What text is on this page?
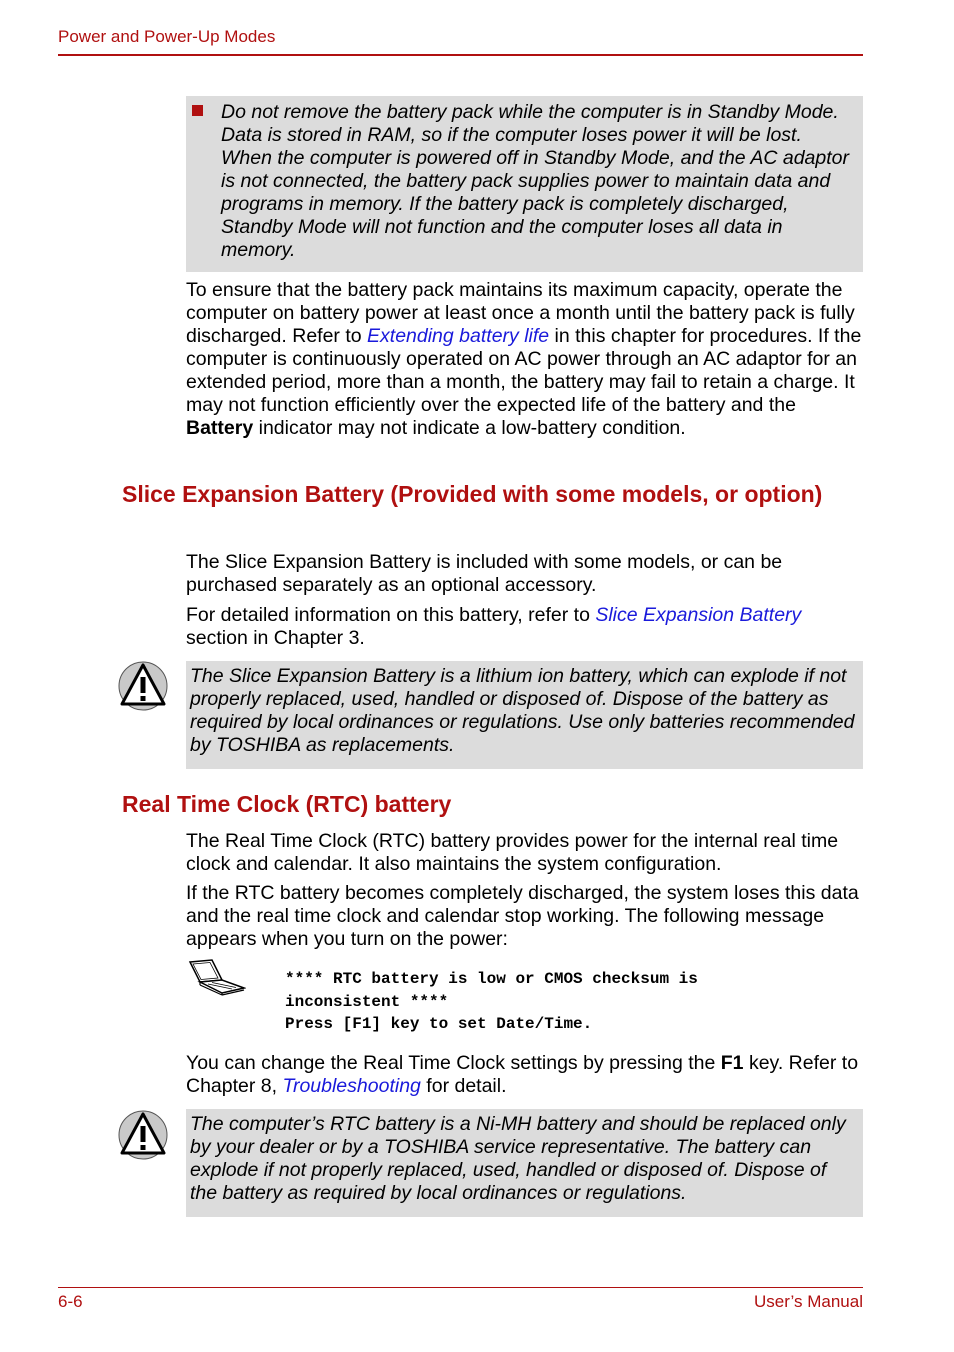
Power and Power-Up Modes
Do not remove the battery pack while the computer is in Standby Mode. Data is stored in RAM, so if the computer loses power it will be lost. When the computer is powered off in Standby Mode, and the AC adaptor is not connected, the battery pack supplies power to maintain data and programs in memory. If the battery pack is completely discharged, Standby Mode will not function and the computer loses all data in memory.
To ensure that the battery pack maintains its maximum capacity, operate the computer on battery power at least once a month until the battery pack is fully discharged. Refer to Extending battery life in this chapter for procedures. If the computer is continuously operated on AC power through an AC adaptor for an extended period, more than a month, the battery may fail to retain a charge. It may not function efficiently over the expected life of the battery and the Battery indicator may not indicate a low-battery condition.
Slice Expansion Battery (Provided with some models, or option)
The Slice Expansion Battery is included with some models, or can be purchased separately as an optional accessory.
For detailed information on this battery, refer to Slice Expansion Battery section in Chapter 3.
The Slice Expansion Battery is a lithium ion battery, which can explode if not properly replaced, used, handled or disposed of. Dispose of the battery as required by local ordinances or regulations. Use only batteries recommended by TOSHIBA as replacements.
Real Time Clock (RTC) battery
The Real Time Clock (RTC) battery provides power for the internal real time clock and calendar. It also maintains the system configuration.
If the RTC battery becomes completely discharged, the system loses this data and the real time clock and calendar stop working. The following message appears when you turn on the power:
**** RTC battery is low or CMOS checksum is
inconsistent ****
Press [F1] key to set Date/Time.
You can change the Real Time Clock settings by pressing the F1 key. Refer to Chapter 8, Troubleshooting for detail.
The computer’s RTC battery is a Ni-MH battery and should be replaced only by your dealer or by a TOSHIBA service representative. The battery can explode if not properly replaced, used, handled or disposed of. Dispose of the battery as required by local ordinances or regulations.
6-6	User’s Manual
